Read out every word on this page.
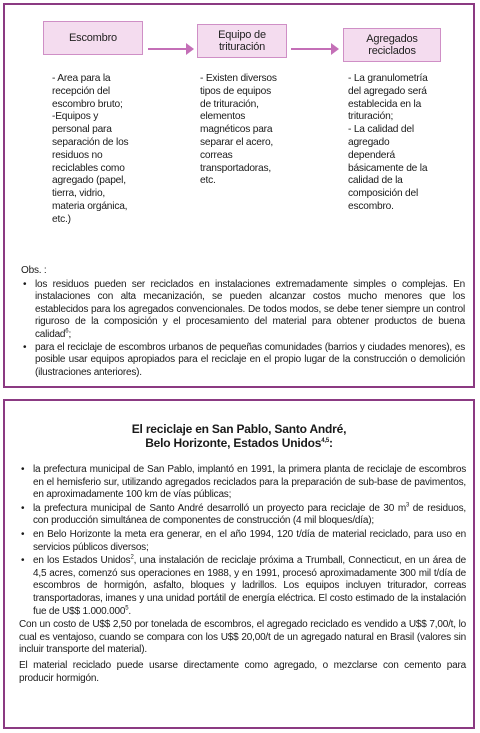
Escombro	Equipo de
trituración
Agregados
reciclados
- Area para la
recepción del
escombro bruto;
-Equipos y
personal para
separación de los
residuos no
reciclables como
agregado (papel,
tierra, vidrio,
materia orgánica,
etc.)
- Existen diversos
tipos de equipos
de trituración,
elementos
magnéticos para
separar el acero,
correas
transportadoras,
etc.
- La granulometría
del agregado será
establecida en la
trituración;
- La calidad del
agregado
dependerá
básicamente de la
calidad de la
composición del
escombro.
Obs. :
• los residuos pueden ser reciclados en instalaciones extremadamente simples o complejas. En instalaciones con alta mecanización, se pueden alcanzar costos mucho menores que los establecidos para los agregados convencionales. De todos modos, se debe tener siempre un control riguroso de la composición y el procesamiento del material para obtener productos de buena calidad$^6$;
• para el reciclaje de escombros urbanos de pequeñas comunidades (barrios y ciudades menores), es posible usar equipos apropiados para el reciclaje en el propio lugar de la construcción o demolición (ilustraciones anteriores).
El reciclaje en San Pablo, Santo André,
Belo Horizonte, Estados Unidos$^{4,5}$:
• la prefectura municipal de San Pablo, implantó en 1991, la primera planta de reciclaje de escombros en el hemisferio sur, utilizando agregados reciclados para la preparación de sub-base de pavimentos, en aproximadamente 100 km de vías públicas;
• la prefectura municipal de Santo André desarrolló un proyecto para reciclaje de 30 $m^3$ de residuos, con producción simultánea de componentes de construcción (4 mil bloques/día);
• en Belo Horizonte la meta era generar, en el año 1994, 120 t/día de material reciclado, para uso en servicios públicos diversos;
• en los Estados Unidos$^2$, una instalación de reciclaje próxima a Trumball, Connecticut, en un área de 4,5 acres, comenzó sus operaciones en 1988, y en 1991, procesó aproximadamente 300 mil t/día de escombros de hormigón, asfalto, bloques y ladrillos. Los equipos incluyen triturador, correas transportadoras, imanes y una unidad portátil de energía eléctrica. El costo estimado de la instalación fue de U$$ 1.000.000$^5$.

Con un costo de U$$ 2,50 por tonelada de escombros, el agregado reciclado es vendido a U$$ 7,00/t, lo cual es ventajoso, cuando se compara con los U$$ 20,00/t de un agregado natural en Brasil (valores sin incluir transporte del material).

El material reciclado puede usarse directamente como agregado, o mezclarse con cemento para producir hormigón.
